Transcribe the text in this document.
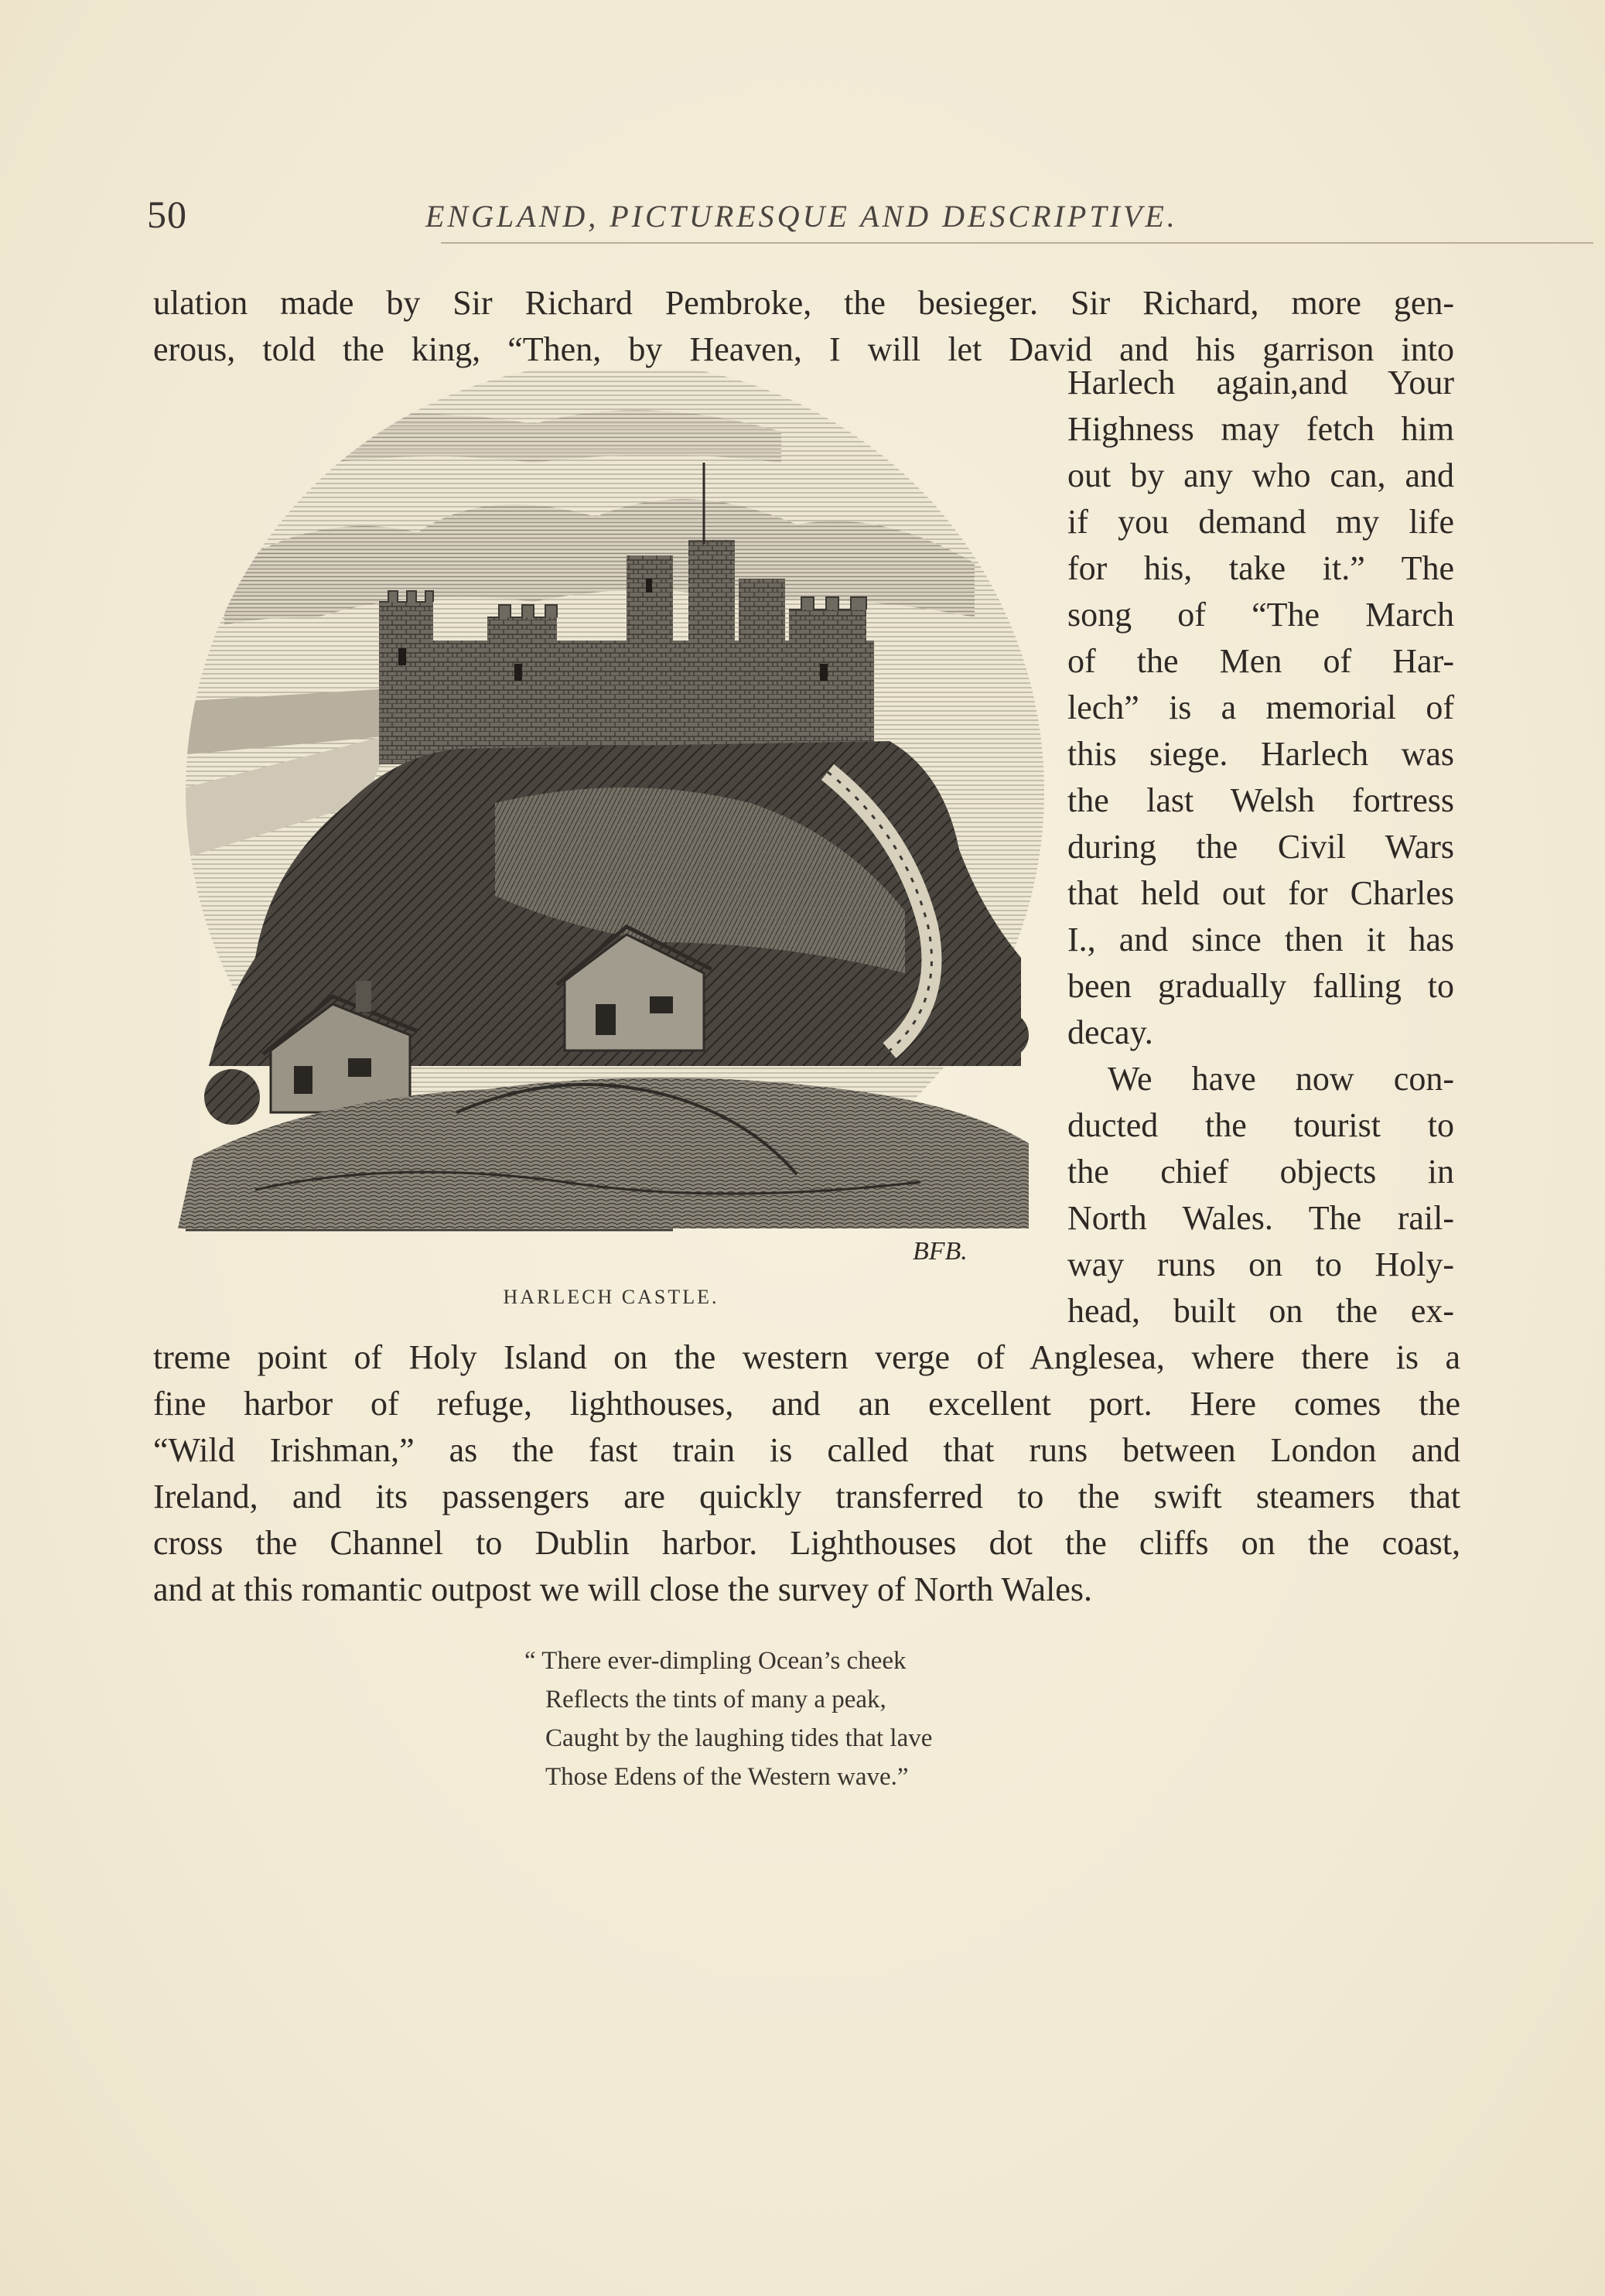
50	ENGLAND, PICTURESQUE AND DESCRIPTIVE.
ulation made by Sir Richard Pembroke, the besieger. Sir Richard, more gen-
erous, told the king, “Then, by Heaven, I will let David and his garrison into
BFB.
HARLECH CASTLE.
Harlech again,and Your
Highness may fetch him
out by any who can, and
if you demand my life
for his, take it.” The
song of “The March
of the Men of Har-
lech” is a memorial of
this siege. Harlech was
the last Welsh fortress
during the Civil Wars
that held out for Charles
I., and since then it has
been gradually falling to
decay.
We have now con-
ducted the tourist to
the chief objects in
North Wales. The rail-
way runs on to Holy-
head, built on the ex-
treme point of Holy Island on the western verge of Anglesea, where there is a
fine harbor of refuge, lighthouses, and an excellent port. Here comes the
“Wild Irishman,” as the fast train is called that runs between London and
Ireland, and its passengers are quickly transferred to the swift steamers that
cross the Channel to Dublin harbor. Lighthouses dot the cliffs on the coast,
and at this romantic outpost we will close the survey of North Wales.
“ There ever-dimpling Ocean’s cheek
Reflects the tints of many a peak,
Caught by the laughing tides that lave
Those Edens of the Western wave.”
